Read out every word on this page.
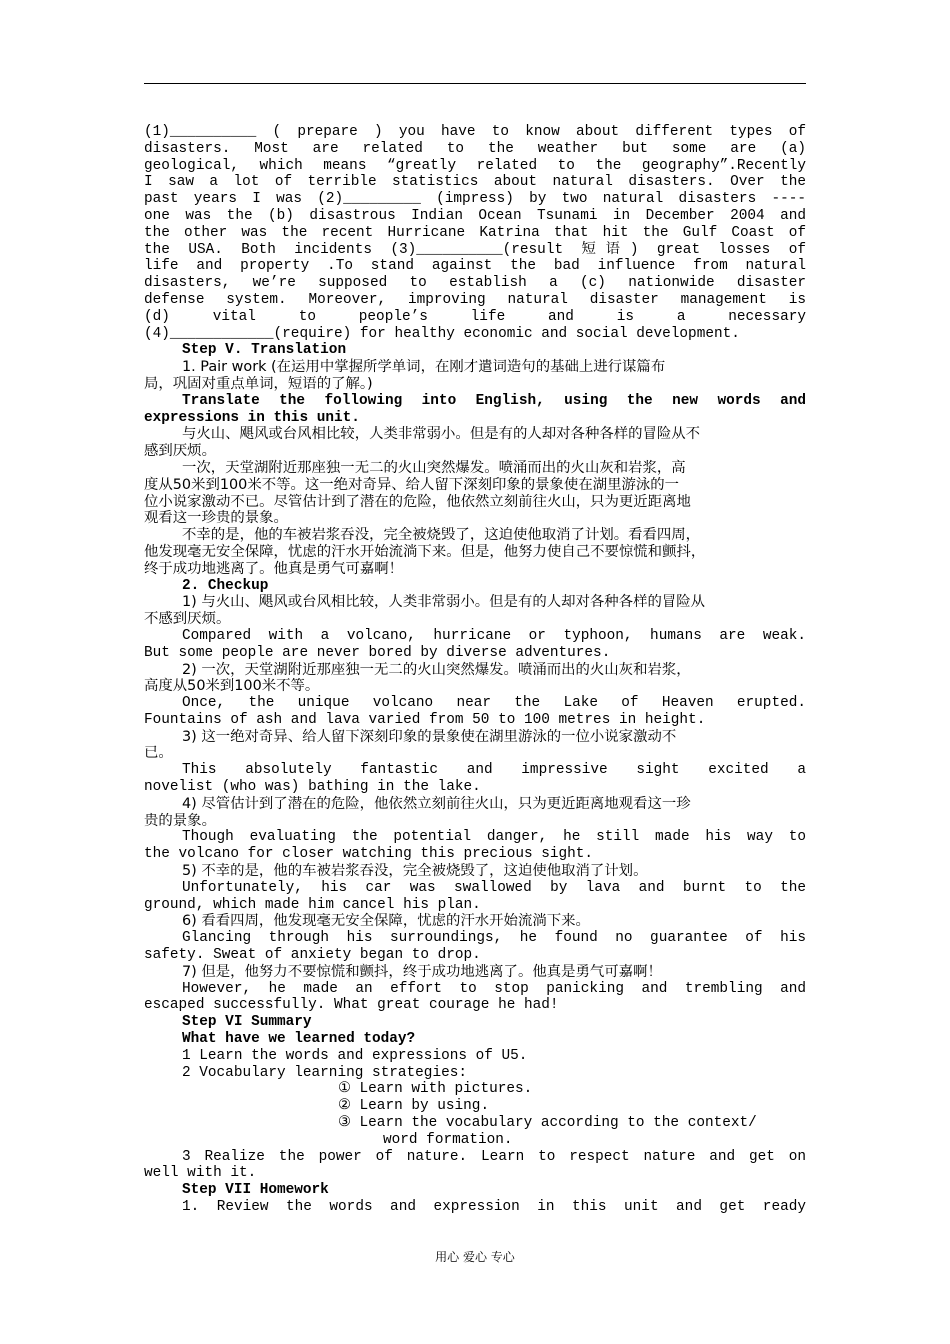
(1)__________ ( prepare ) you have to know about different types of
disasters. Most are related to the weather but some are (a)
geological, which means “greatly related to the geography”.Recently
I saw a lot of terrible statistics about natural disasters. Over the
past years I was (2)_________ (impress) by two natural disasters ----
one was the (b) disastrous Indian Ocean Tsunami in December 2004 and
the other was the recent Hurricane Katrina that hit the Gulf Coast of
the USA. Both incidents (3)__________(result 短语) great losses of
life and property .To stand against the bad influence from natural
disasters, we’re supposed to establish a (c) nationwide disaster
defense system. Moreover, improving natural disaster management is
(d) vital to people’s life and is a necessary
(4)____________(require) for healthy economic and social development.
Step V. Translation
1. Pair work (在运用中掌握所学单词，在刚才遣词造句的基础上进行谋篇布
局，巩固对重点单词，短语的了解。)
Translate the following into English, using the new words and
expressions in this unit.
与火山、飓风或台风相比较，人类非常弱小。但是有的人却对各种各样的冒险从不
感到厌烦。
一次，天堂湖附近那座独一无二的火山突然爆发。喷涌而出的火山灰和岩浆，高
度从50米到100米不等。这一绝对奇异、给人留下深刻印象的景象使在湖里游泳的一
位小说家激动不已。尽管估计到了潜在的危险，他依然立刻前往火山，只为更近距离地
观看这一珍贵的景象。
不幸的是，他的车被岩浆吞没，完全被烧毁了，这迫使他取消了计划。看看四周，
他发现毫无安全保障，忧虑的汗水开始流淌下来。但是，他努力使自己不要惊慌和颤抖，
终于成功地逃离了。他真是勇气可嘉啊！
2. Checkup
1) 与火山、飓风或台风相比较，人类非常弱小。但是有的人却对各种各样的冒险从
不感到厌烦。
Compared with a volcano, hurricane or typhoon, humans are weak.
But some people are never bored by diverse adventures.
2) 一次，天堂湖附近那座独一无二的火山突然爆发。喷涌而出的火山灰和岩浆，
高度从50米到100米不等。
Once, the unique volcano near the Lake of Heaven erupted.
Fountains of ash and lava varied from 50 to 100 metres in height.
3) 这一绝对奇异、给人留下深刻印象的景象使在湖里游泳的一位小说家激动不
已。
This absolutely fantastic and impressive sight excited a
novelist (who was) bathing in the lake.
4) 尽管估计到了潜在的危险，他依然立刻前往火山，只为更近距离地观看这一珍
贵的景象。
Though evaluating the potential danger, he still made his way to
the volcano for closer watching this precious sight.
5) 不幸的是，他的车被岩浆吞没，完全被烧毁了，这迫使他取消了计划。
Unfortunately, his car was swallowed by lava and burnt to the
ground, which made him cancel his plan.
6) 看看四周，他发现毫无安全保障，忧虑的汗水开始流淌下来。
Glancing through his surroundings, he found no guarantee of his
safety. Sweat of anxiety began to drop.
7) 但是，他努力不要惊慌和颤抖，终于成功地逃离了。他真是勇气可嘉啊！
However, he made an effort to stop panicking and trembling and
escaped successfully. What great courage he had!
Step VI Summary
What have we learned today?
1 Learn the words and expressions of U5.
2 Vocabulary learning strategies:
① Learn with pictures.
② Learn by using.
③ Learn the vocabulary according to the context/
word formation.
3 Realize the power of nature. Learn to respect nature and get on
well with it.
Step VII Homework
1. Review the words and expression in this unit and get ready
用心 爱心 专心
